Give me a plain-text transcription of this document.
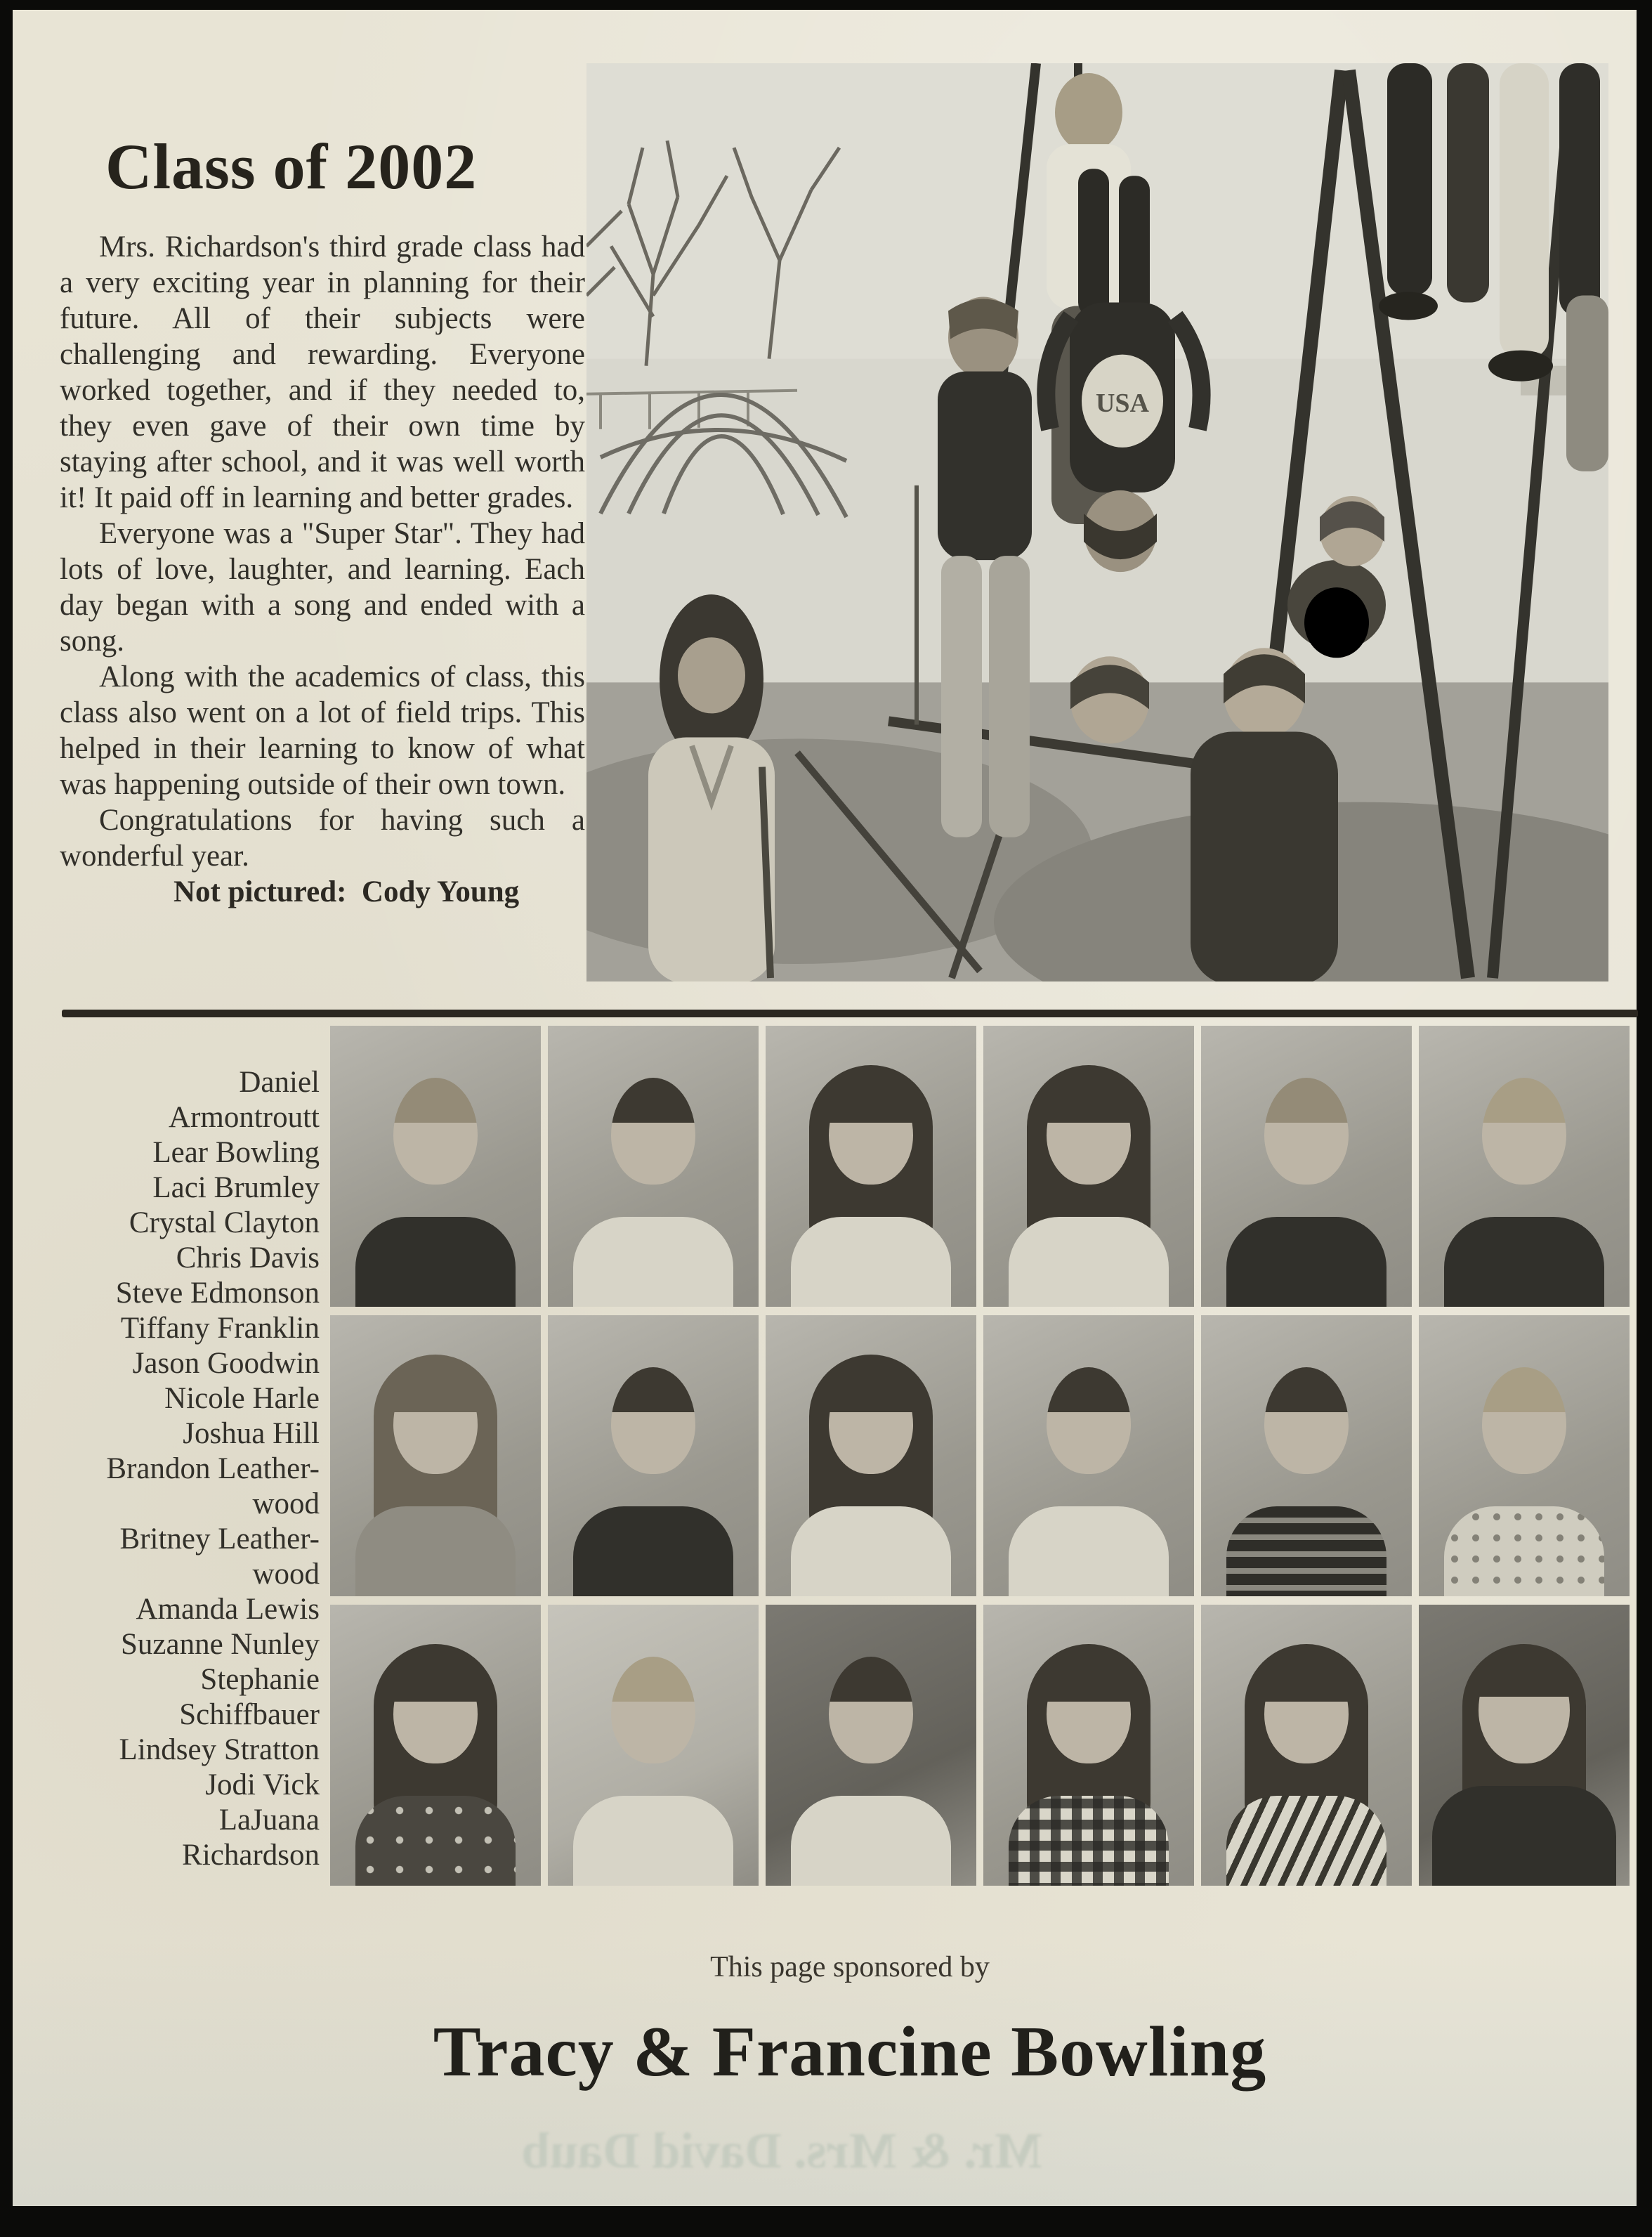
Class of 2002

Mrs. Richardson's third grade class had a very exciting year in planning for their future. All of their subjects were challenging and rewarding. Everyone worked together, and if they needed to, they even gave of their own time by staying after school, and it was well worth it! It paid off in learning and better grades.

Everyone was a "Super Star". They had lots of love, laughter, and learning. Each day began with a song and ended with a song.

Along with the academics of class, this class also went on a lot of field trips. This helped in their learning to know of what was happening outside of their own town.

Congratulations for having such a wonderful year.

Not pictured:  Cody Young

USA
Daniel
Armontroutt
Lear Bowling
Laci Brumley
Crystal Clayton
Chris Davis
Steve Edmonson
Tiffany Franklin
Jason Goodwin
Nicole Harle
Joshua Hill
Brandon Leather-
wood
Britney Leather-
wood
Amanda Lewis
Suzanne Nunley
Stephanie
Schiffbauer
Lindsey Stratton
Jodi Vick
LaJuana
Richardson
This page sponsored by
Tracy & Francine Bowling
Mr. & Mrs. David Daub
